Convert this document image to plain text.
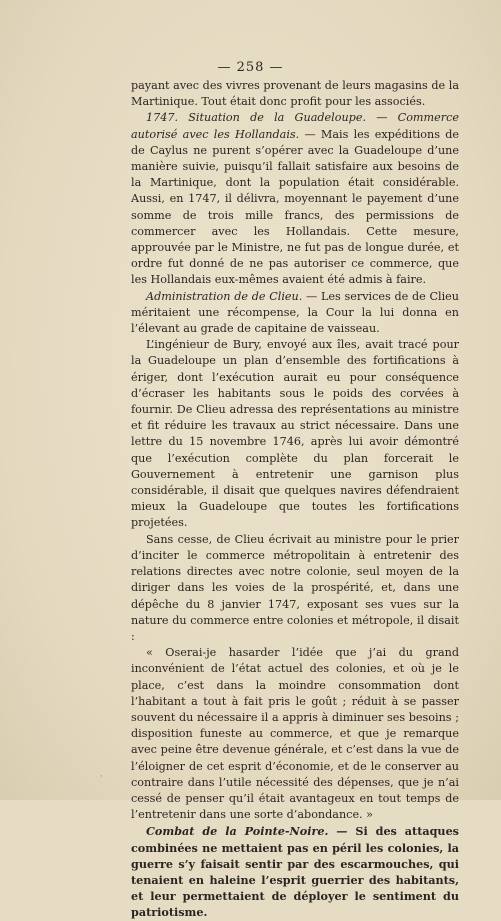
— 258 —

payant avec des vivres provenant de leurs magasins de la Martinique. Tout était donc profit pour les associés.

1747. Situation de la Guadeloupe. — Commerce autorisé avec les Hollandais. — Mais les expéditions de de Caylus ne purent s’opérer avec la Guadeloupe d’une manière suivie, puisqu’il fallait satisfaire aux besoins de la Martinique, dont la population était considérable. Aussi, en 1747, il délivra, moyennant le payement d’une somme de trois mille francs, des permissions de commercer avec les Hollandais. Cette mesure, approuvée par le Ministre, ne fut pas de longue durée, et ordre fut donné de ne pas autoriser ce commerce, que les Hollandais eux-mêmes avaient été admis à faire.

Administration de de Clieu. — Les services de de Clieu méritaient une récompense, la Cour la lui donna en l’élevant au grade de capitaine de vaisseau.

L’ingénieur de Bury, envoyé aux îles, avait tracé pour la Guadeloupe un plan d’ensemble des fortifications à ériger, dont l’exécution aurait eu pour conséquence d’écraser les habitants sous le poids des corvées à fournir. De Clieu adressa des représentations au ministre et fit réduire les travaux au strict nécessaire. Dans une lettre du 15 novembre 1746, après lui avoir démontré que l’exécution complète du plan forcerait le Gouvernement à entretenir une garnison plus considérable, il disait que quelques navires défendraient mieux la Guadeloupe que toutes les fortifications projetées.

Sans cesse, de Clieu écrivait au ministre pour le prier d’inciter le commerce métropolitain à entretenir des relations directes avec notre colonie, seul moyen de la diriger dans les voies de la prospérité, et, dans une dépêche du 8 janvier 1747, exposant ses vues sur la nature du commerce entre colonies et métropole, il disait :

« Oserai-je hasarder l’idée que j’ai du grand inconvénient de l’état actuel des colonies, et où je le place, c’est dans la moindre consommation dont l’habitant a tout à fait pris le goût ; réduit à se passer souvent du nécessaire il a appris à diminuer ses besoins ; disposition funeste au commerce, et que je remarque avec peine être devenue générale, et c’est dans la vue de l’éloigner de cet esprit d’économie, et de le conserver au contraire dans l’utile nécessité des dépenses, que je n’ai cessé de penser qu’il était avantageux en tout temps de l’entretenir dans une sorte d’abondance. »

Combat de la Pointe-Noire. — Si des attaques combinées ne mettaient pas en péril les colonies, la guerre s’y faisait sentir par des escarmouches, qui tenaient en haleine l’esprit guerrier des habitants, et leur permettaient de déployer le sentiment du patriotisme.

·
